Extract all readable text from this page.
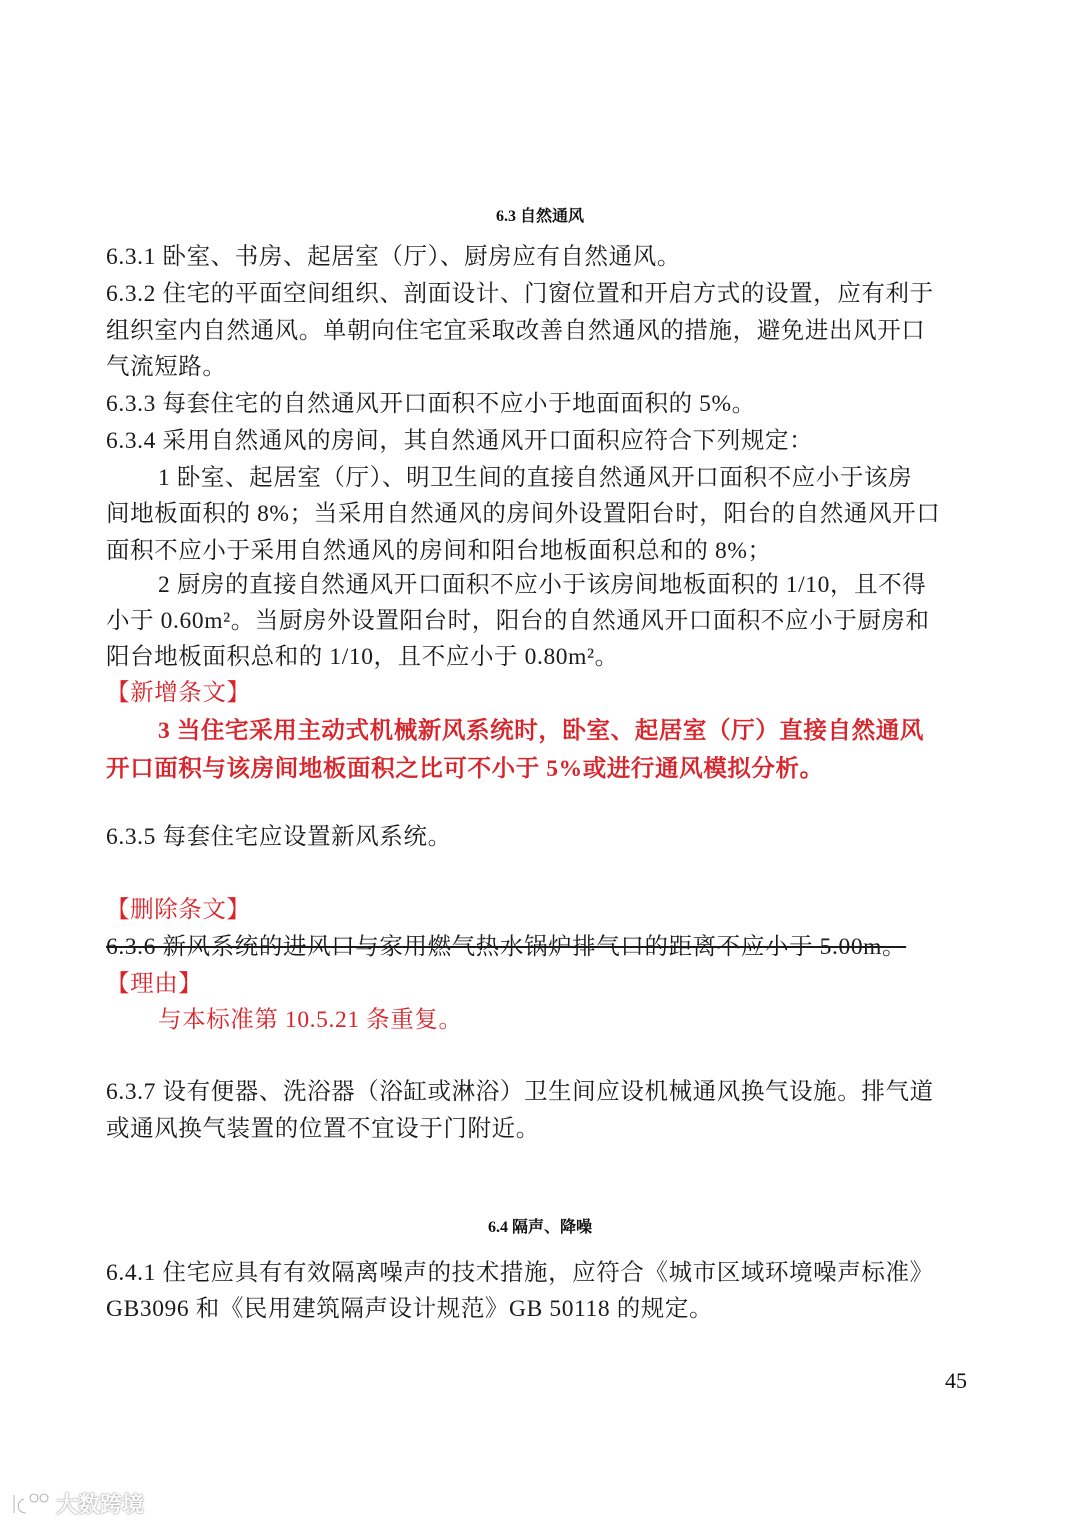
6.3 自然通风
6.3.1 卧室、书房、起居室（厅）、厨房应有自然通风。
6.3.2 住宅的平面空间组织、剖面设计、门窗位置和开启方式的设置，应有利于
组织室内自然通风。单朝向住宅宜采取改善自然通风的措施，避免进出风开口
气流短路。
6.3.3 每套住宅的自然通风开口面积不应小于地面面积的 5%。
6.3.4 采用自然通风的房间，其自然通风开口面积应符合下列规定：
1 卧室、起居室（厅）、明卫生间的直接自然通风开口面积不应小于该房
间地板面积的 8%；当采用自然通风的房间外设置阳台时，阳台的自然通风开口
面积不应小于采用自然通风的房间和阳台地板面积总和的 8%；
2 厨房的直接自然通风开口面积不应小于该房间地板面积的 1/10，且不得
小于 0.60m²。当厨房外设置阳台时，阳台的自然通风开口面积不应小于厨房和
阳台地板面积总和的 1/10，且不应小于 0.80m²。
【新增条文】
3 当住宅采用主动式机械新风系统时，卧室、起居室（厅）直接自然通风
开口面积与该房间地板面积之比可不小于 5%或进行通风模拟分析。
6.3.5 每套住宅应设置新风系统。
【删除条文】
6.3.6 新风系统的进风口与家用燃气热水锅炉排气口的距离不应小于 5.00m。
【理由】
与本标准第 10.5.21 条重复。
6.3.7 设有便器、洗浴器（浴缸或淋浴）卫生间应设机械通风换气设施。排气道
或通风换气装置的位置不宜设于门附近。
6.4 隔声、降噪
6.4.1 住宅应具有有效隔离噪声的技术措施，应符合《城市区域环境噪声标准》
GB3096 和《民用建筑隔声设计规范》GB 50118 的规定。
45
大数跨境
